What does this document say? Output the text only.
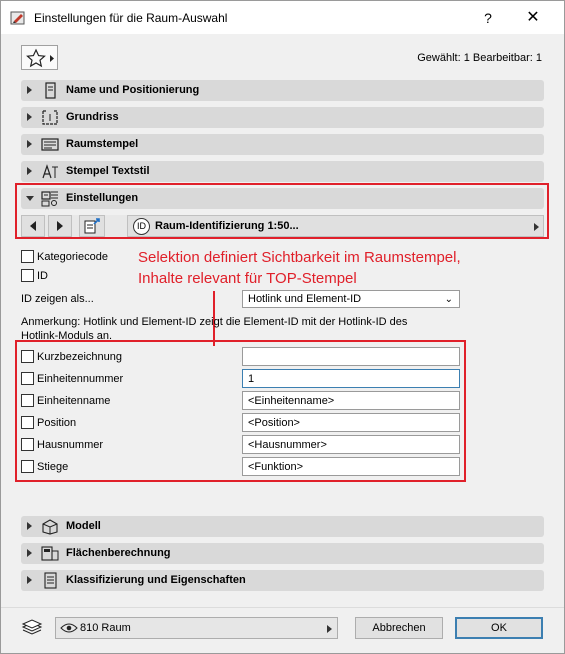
Einstellungen für die Raum-Auswahl	?	✕
Gewählt: 1 Bearbeitbar: 1
Name und Positionierung
Grundriss
Raumstempel
Stempel Textstil
Einstellungen
ID Raum-Identifizierung 1:50...
Kategoriecode
ID
Selektion definiert Sichtbarkeit im Raumstempel,
Inhalte relevant für TOP-Stempel
ID zeigen als...	Hotlink und Element-ID	⌄
Anmerkung: Hotlink und Element-ID zeigt die Element-ID mit der Hotlink-ID des Hotlink-Moduls an.
Kurzbezeichnung
Einheitennummer	1
Einheitenname	<Einheitenname>
Position	<Position>
Hausnummer	<Hausnummer>
Stiege	<Funktion>
Modell
Flächenberechnung
Klassifizierung und Eigenschaften
810 Raum	Abbrechen	OK
